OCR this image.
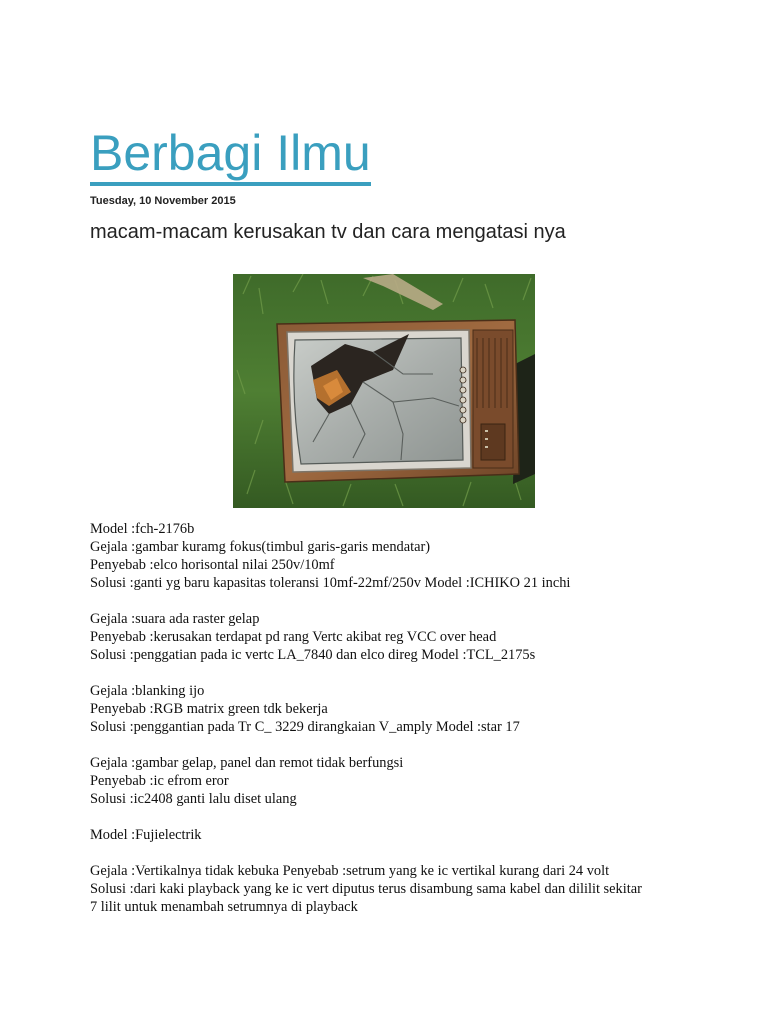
Berbagi Ilmu
Tuesday, 10 November 2015
macam-macam kerusakan tv dan cara mengatasi nya
Model :fch-2176b
Gejala :gambar kuramg fokus(timbul garis-garis mendatar)
Penyebab :elco horisontal nilai 250v/10mf
Solusi :ganti yg baru kapasitas toleransi 10mf-22mf/250v Model :ICHIKO 21 inchi
Gejala :suara ada raster gelap
Penyebab :kerusakan terdapat pd rang Vertc akibat reg VCC over head
Solusi :penggatian pada ic vertc LA_7840 dan elco direg Model :TCL_2175s
Gejala :blanking ijo
Penyebab :RGB matrix green tdk bekerja
Solusi :penggantian pada Tr C_ 3229 dirangkaian V_amply Model :star 17
Gejala :gambar gelap, panel dan remot tidak berfungsi
Penyebab :ic efrom eror
Solusi :ic2408 ganti lalu diset ulang
Model :Fujielectrik
Gejala :Vertikalnya tidak kebuka Penyebab :setrum yang ke ic vertikal kurang dari 24 volt
Solusi :dari kaki playback yang ke ic vert diputus terus disambung sama kabel dan dililit sekitar
7 lilit untuk menambah setrumnya di playback
